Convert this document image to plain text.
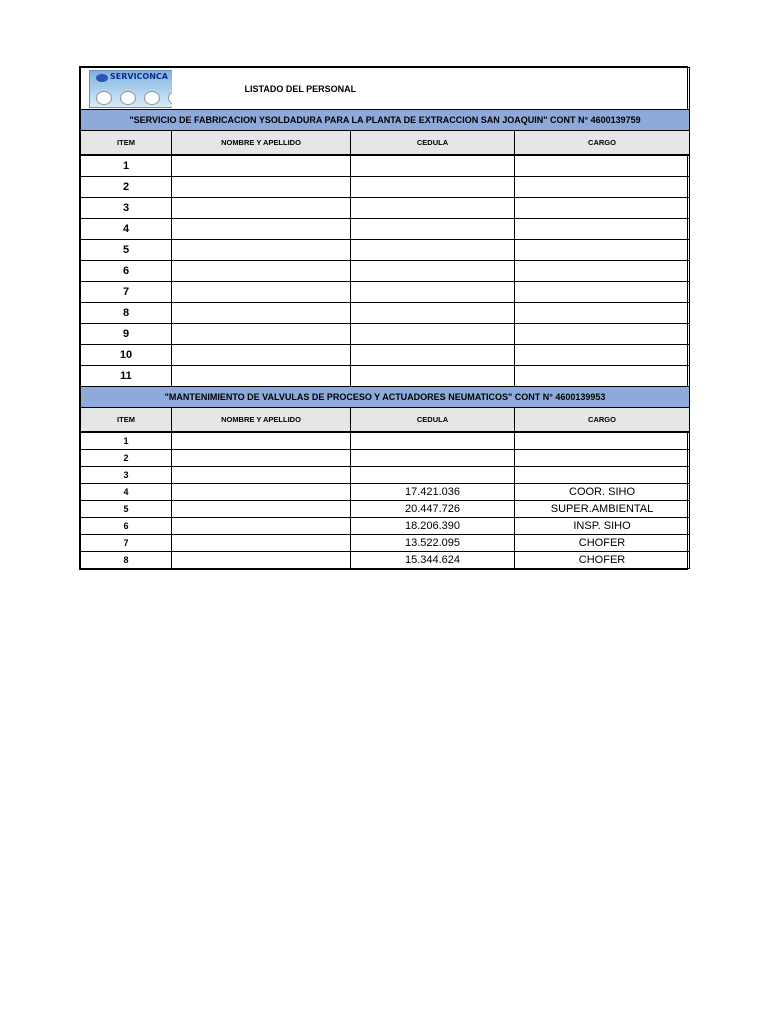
SERVICONCA	LISTADO DEL PERSONAL		
"SERVICIO DE FABRICACION YSOLDADURA PARA LA PLANTA DE EXTRACCION SAN JOAQUIN" CONT N° 4600139759			
ITEM	NOMBRE Y APELLIDO	CEDULA	CARGO
1			
2			
3			
4			
5			
6			
7			
8			
9			
10			
11			
"MANTENIMIENTO DE VALVULAS DE PROCESO Y ACTUADORES NEUMATICOS" CONT N° 4600139953			
ITEM	NOMBRE Y APELLIDO	CEDULA	CARGO
1			
2			
3			
4		17.421.036	COOR. SIHO
5		20.447.726	SUPER.AMBIENTAL
6		18.206.390	INSP. SIHO
7		13.522.095	CHOFER
8		15.344.624	CHOFER
